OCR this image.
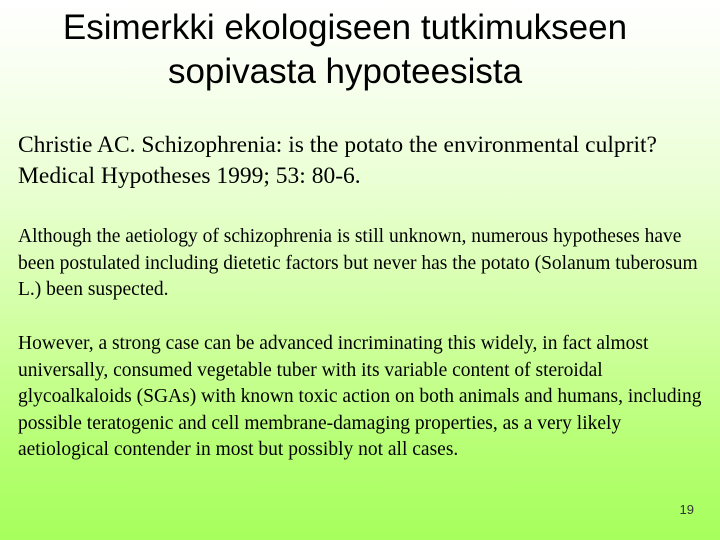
Esimerkki ekologiseen tutkimukseen
sopivasta hypoteesista
Christie AC. Schizophrenia: is the potato the environmental culprit? Medical Hypotheses 1999; 53: 80-6.
Although the aetiology of schizophrenia is still unknown, numerous hypotheses have been postulated including dietetic factors but never has the potato (Solanum tuberosum L.) been suspected.
However, a strong case can be advanced incriminating this widely, in fact almost universally, consumed vegetable tuber with its variable content of steroidal glycoalkaloids (SGAs) with known toxic action on both animals and humans, including possible teratogenic and cell membrane-damaging properties, as a very likely aetiological contender in most but possibly not all cases.
19
